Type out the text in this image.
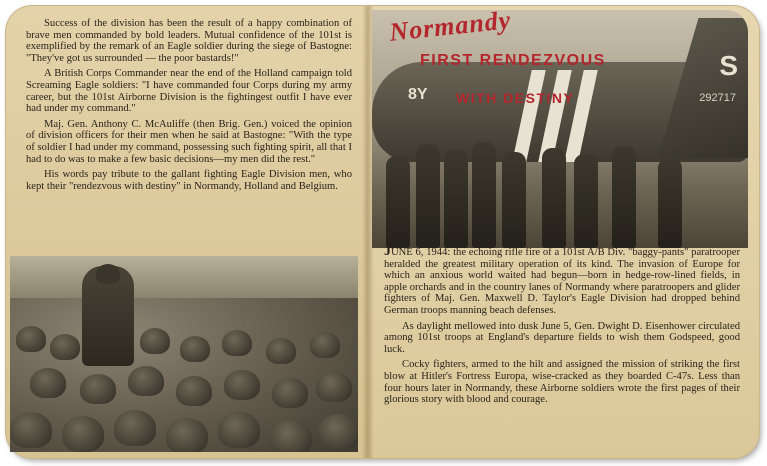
Success of the division has been the result of a happy combination of brave men commanded by bold leaders. Mutual confidence of the 101st is exemplified by the remark of an Eagle soldier during the siege of Bastogne: "They've got us surrounded — the poor bastards!"

A British Corps Commander near the end of the Holland campaign told Screaming Eagle soldiers: "I have commanded four Corps during my army career, but the 101st Airborne Division is the fightingest outfit I have ever had under my command."

Maj. Gen. Anthony C. McAuliffe (then Brig. Gen.) voiced the opinion of division officers for their men when he said at Bastogne: "With the type of soldier I had under my command, possessing such fighting spirit, all that I had to do was to make a few basic decisions—my men did the rest."

His words pay tribute to the gallant fighting Eagle Division men, who kept their "rendezvous with destiny" in Normandy, Holland and Belgium.

S
292717
8Y
Normandy
FIRST RENDEZVOUS
WITH DESTINY

JUNE 6, 1944: the echoing rifle fire of a 101st A/B Div. "baggy-pants" paratrooper heralded the greatest military operation of its kind. The invasion of Europe for which an anxious world waited had begun—born in hedge-row-lined fields, in apple orchards and in the country lanes of Normandy where paratroopers and glider fighters of Maj. Gen. Maxwell D. Taylor's Eagle Division had dropped behind German troops manning beach defenses.

As daylight mellowed into dusk June 5, Gen. Dwight D. Eisenhower circulated among 101st troops at England's departure fields to wish them Godspeed, good luck.

Cocky fighters, armed to the hilt and assigned the mission of striking the first blow at Hitler's Fortress Europa, wise-cracked as they boarded C-47s. Less than four hours later in Normandy, these Airborne soldiers wrote the first pages of their glorious story with blood and courage.
